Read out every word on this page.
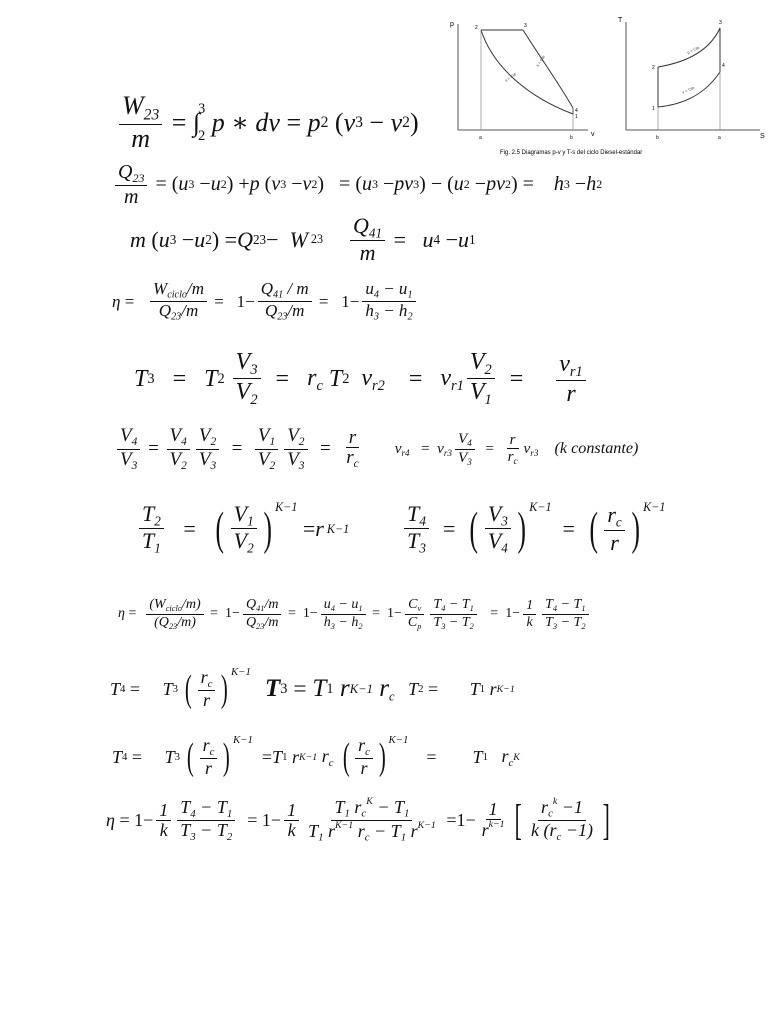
p
v
2	3
4
1
a	b
s = Cte
s = Cte
T
S
1
2
3
4
b	a
p = Cte
v = Cte
Fig. 2.5 Diagramas p-v y T-s del ciclo Diesel-estándar
$\frac{W_{23}}{m}$ = ∫
3
2 p ∗ dv = p 2 ( v 3 − v 2 )
$\frac{Q_{23}}{m}$ = ( u 3 − u 2 ) + p ( v 3 − v 2 ) = ( u 3 − pv 3 ) − ( u 2 − pv 2 ) = h 3 − h 2
m ( u 3 − u 2 ) = Q 23 − W $23 \frac{Q_{41}}{m} = u$ 4 − u 1
$\eta = \frac{W_{ciclo}/m}{Q_{23}/m} = 1- \frac{Q_{41} / m}{Q_{23}/m} = 1- \frac{u_4 - u_1}{h_3 - h_2}$
T 3 = T $2 \frac{V_3}{V_2} = r_c$ T 2 $v_{r2} = v_{r1} \frac{V_2}{V_1} = \frac{v_{r1}}{r}$
$\frac{V_4}{V_3} = \frac{V_4}{V_2} \frac{V_2}{V_3} = \frac{V_1}{V_2} \frac{V_2}{V_3} = \frac{r}{r_c} v_{r4} = v_{r3} \frac{V_4}{V_3} = \frac{r}{r_c} v_{r3}$
(k constante)
$\frac{T_2}{T_1}$ = ( $\frac{V_1}{V_2}$ ) $^{K-1}$
= r K−1	$\frac{T_4}{T_3}$ = ( $\frac{V_3}{V_4}$ ) $^{K-1}$
= ( $\frac{r_c}{r}$ ) $^{K-1}$
$\eta = \frac{(W_{ciclo}/m)}{(Q_{23}/m)} = 1- \frac{Q_{41}/m}{Q_{23}/m} = 1- \frac{u_4 - u_1}{h_3 - h_2} = 1- \frac{C_v}{C_p} \frac{T_4 - T_1}{T_3 - T_2} = 1- \frac{1}{k} \frac{T_4 - T_1}{T_3 - T_2}$
T 4 = T 3 ( $\frac{r_c}{r}$ ) $^{K-1}$
T 3 = T 1 r K−1 $r_c$ T 2 = T 1 r K−1
T 4 = T 3 ( $\frac{r_c}{r}$ ) $^{K-1}$
= T 1 r K−1 $r_c$ ( $\frac{r_c}{r}$ ) $^{K-1}$
= T 1 $r_c$ K
$\eta = 1- \frac{1}{k} \frac{T_4 - T_1}{T_3 - T_2} = 1- \frac{1}{k} \frac{T_1 r_c^K - T_1}{T_1 r^{K-1} r_c - T_1 r^{K-1}} =1- \frac{1}{r^{k-1}}$ [ $\frac{r_c^k -1}{k (r_c -1)}$ ]
